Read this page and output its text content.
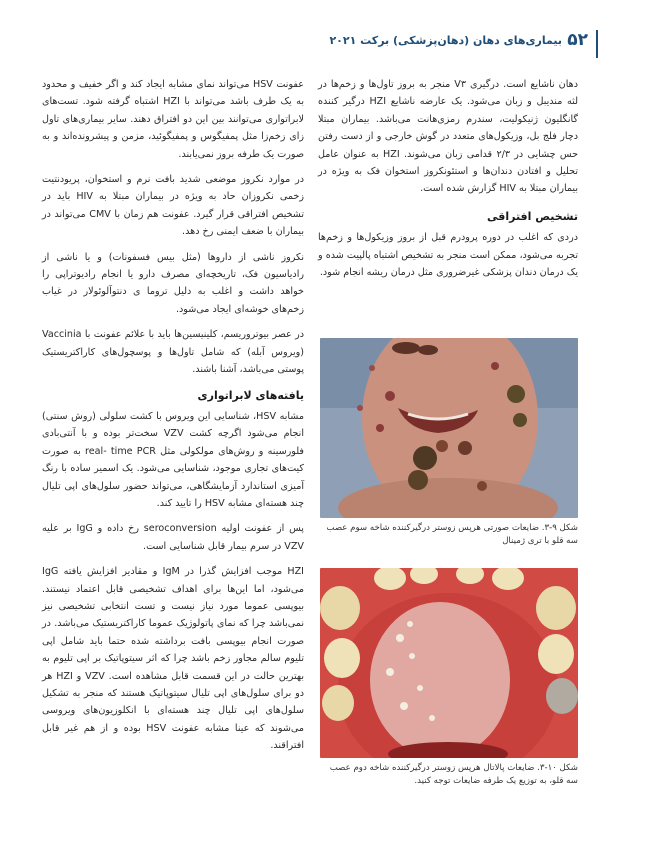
۵۲
بیماری‌های دهان (دهان‌پزشکی) برکت ۲۰۲۱

دهان ناشایع است. درگیری V۳ منجر به بروز تاول‌ها و زخم‌ها در لثه مندیبل و زبان می‌شود. یک عارضه ناشایع HZI درگیر کننده گانگلیون ژنیکولیت، سندرم رمزی‌هانت می‌باشد. بیماران مبتلا دچار فلج بل، وزیکول‌های متعدد در گوش خارجی و از دست رفتن حس چشایی در ۲/۳ قدامی زبان می‌شوند. HZI به عنوان عامل تحلیل و افتادن دندان‌ها و استئونکروز استخوان فک به ویژه در بیماران مبتلا به HIV گزارش شده است.

تشخیص افتراقی

دردی که اغلب در دوره پرودرم قبل از بروز وزیکول‌ها و زخم‌ها تجربه می‌شود، ممکن است منجر به تشخیص اشتباه پالپیت شده و یک درمان دندان پزشکی غیرضروری مثل درمان ریشه انجام شود.

شکل ۹-۳. ضایعات صورتی هرپس زوستر درگیرکننده شاخه سوم عصب سه قلو با تری ژمینال
شکل ۱۰-۳. ضایعات پالاتال هرپس زوستر درگیرکننده شاخه دوم عصب سه قلو، به توزیع یک طرفه ضایعات توجه کنید.

عفونت HSV می‌تواند نمای مشابه ایجاد کند و اگر خفیف و محدود به یک طرف باشد می‌تواند با HZI اشتباه گرفته شود. تست‌های لابراتواری می‌توانند بین این دو افتراق دهند. سایر بیماری‌های تاول زای زخم‌زا مثل پمفیگوس و پمفیگوئید، مزمن و پیشرونده‌اند و به صورت یک طرفه بروز نمی‌یابند.

در موارد نکروز موضعی شدید بافت نرم و استخوان، پریودنتیت زخمی نکروزان حاد به ویژه در بیماران مبتلا به HIV باید در تشخیص افتراقی قرار گیرد. عفونت هم زمان با CMV می‌تواند در بیماران با ضعف ایمنی رخ دهد.

نکروز ناشی از داروها (مثل بیس فسفونات) و یا ناشی از رادیاسیون فک، تاریخچه‌ای مصرف دارو یا انجام رادیوتراپی را خواهد داشت و اغلب به دلیل تروما ی دنتوآلوئولار در غیاب زخم‌های خوشه‌ای ایجاد می‌شود.

در عصر بیوتروریسم، کلینیسین‌ها باید با علائم عفونت با Vaccinia (ویروس آبله) که شامل تاول‌ها و پوسچول‌های کاراکتریستیک پوستی می‌باشد، آشنا باشند.

یافته‌های لابراتواری

مشابه HSV، شناسایی این ویروس با کشت سلولی (روش سنتی) انجام می‌شود اگرچه کشت VZV سخت‌تر بوده و با آنتی‌بادی فلورسینه و روش‌های مولکولی مثل real- time PCR به صورت کیت‌های تجاری موجود، شناسایی می‌شود. یک اسمیر ساده با رنگ آمیزی استاندارد آزمایشگاهی، می‌تواند حضور سلول‌های اپی تلیال چند هسته‌ای مشابه HSV را تایید کند.

پس از عفونت اولیه seroconversion رخ داده و IgG بر علیه VZV در سرم بیمار قابل شناسایی است.

HZI موجب افزایش گذرا در IgM و مقادیر افزایش یافته IgG می‌شود، اما این‌ها برای اهداف تشخیصی قابل اعتماد نیستند. بیوپسی عموما مورد نیاز نیست و تست انتخابی تشخیصی نیز نمی‌باشد چرا که نمای پاتولوژیک عموما کاراکتریستیک می‌باشد. در صورت انجام بیوپسی بافت برداشته شده حتما باید شامل اپی تلیوم سالم مجاور زخم باشد چرا که اثر سیتوپاتیک بر اپی تلیوم به بهترین حالت در این قسمت قابل مشاهده است. VZV و HZI هر دو برای سلول‌های اپی تلیال سیتوپاتیک هستند که منجر به تشکیل سلول‌های اپی تلیال چند هسته‌ای با انکلوزیون‌های ویروسی می‌شوند که عینا مشابه عفونت HSV بوده و از هم غیر قابل افتراقند.
